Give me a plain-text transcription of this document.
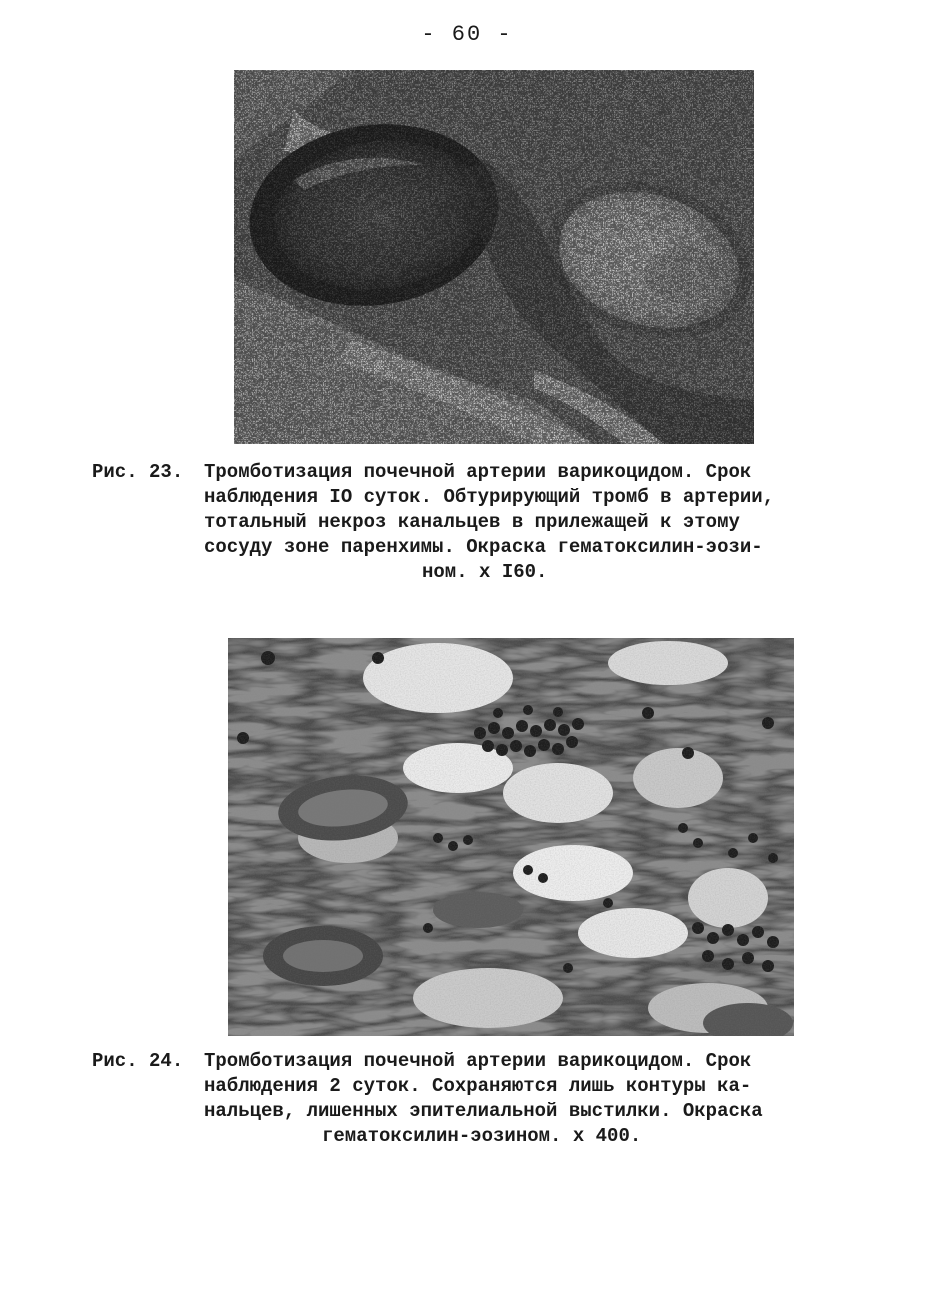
- 60 -
Рис. 23. Тромботизация почечной артерии варикоцидом. Срок
наблюдения IO суток. Обтурирующий тромб в артерии,
тотальный некроз канальцев в прилежащей к этому
сосуду зоне паренхимы. Окраска гематоксилин-эози-
ном. х I60.
Рис. 24. Тромботизация почечной артерии варикоцидом. Срок
наблюдения 2 суток. Сохраняются лишь контуры ка-
нальцев, лишенных эпителиальной выстилки. Окраска
гематоксилин-эозином. х 400.
